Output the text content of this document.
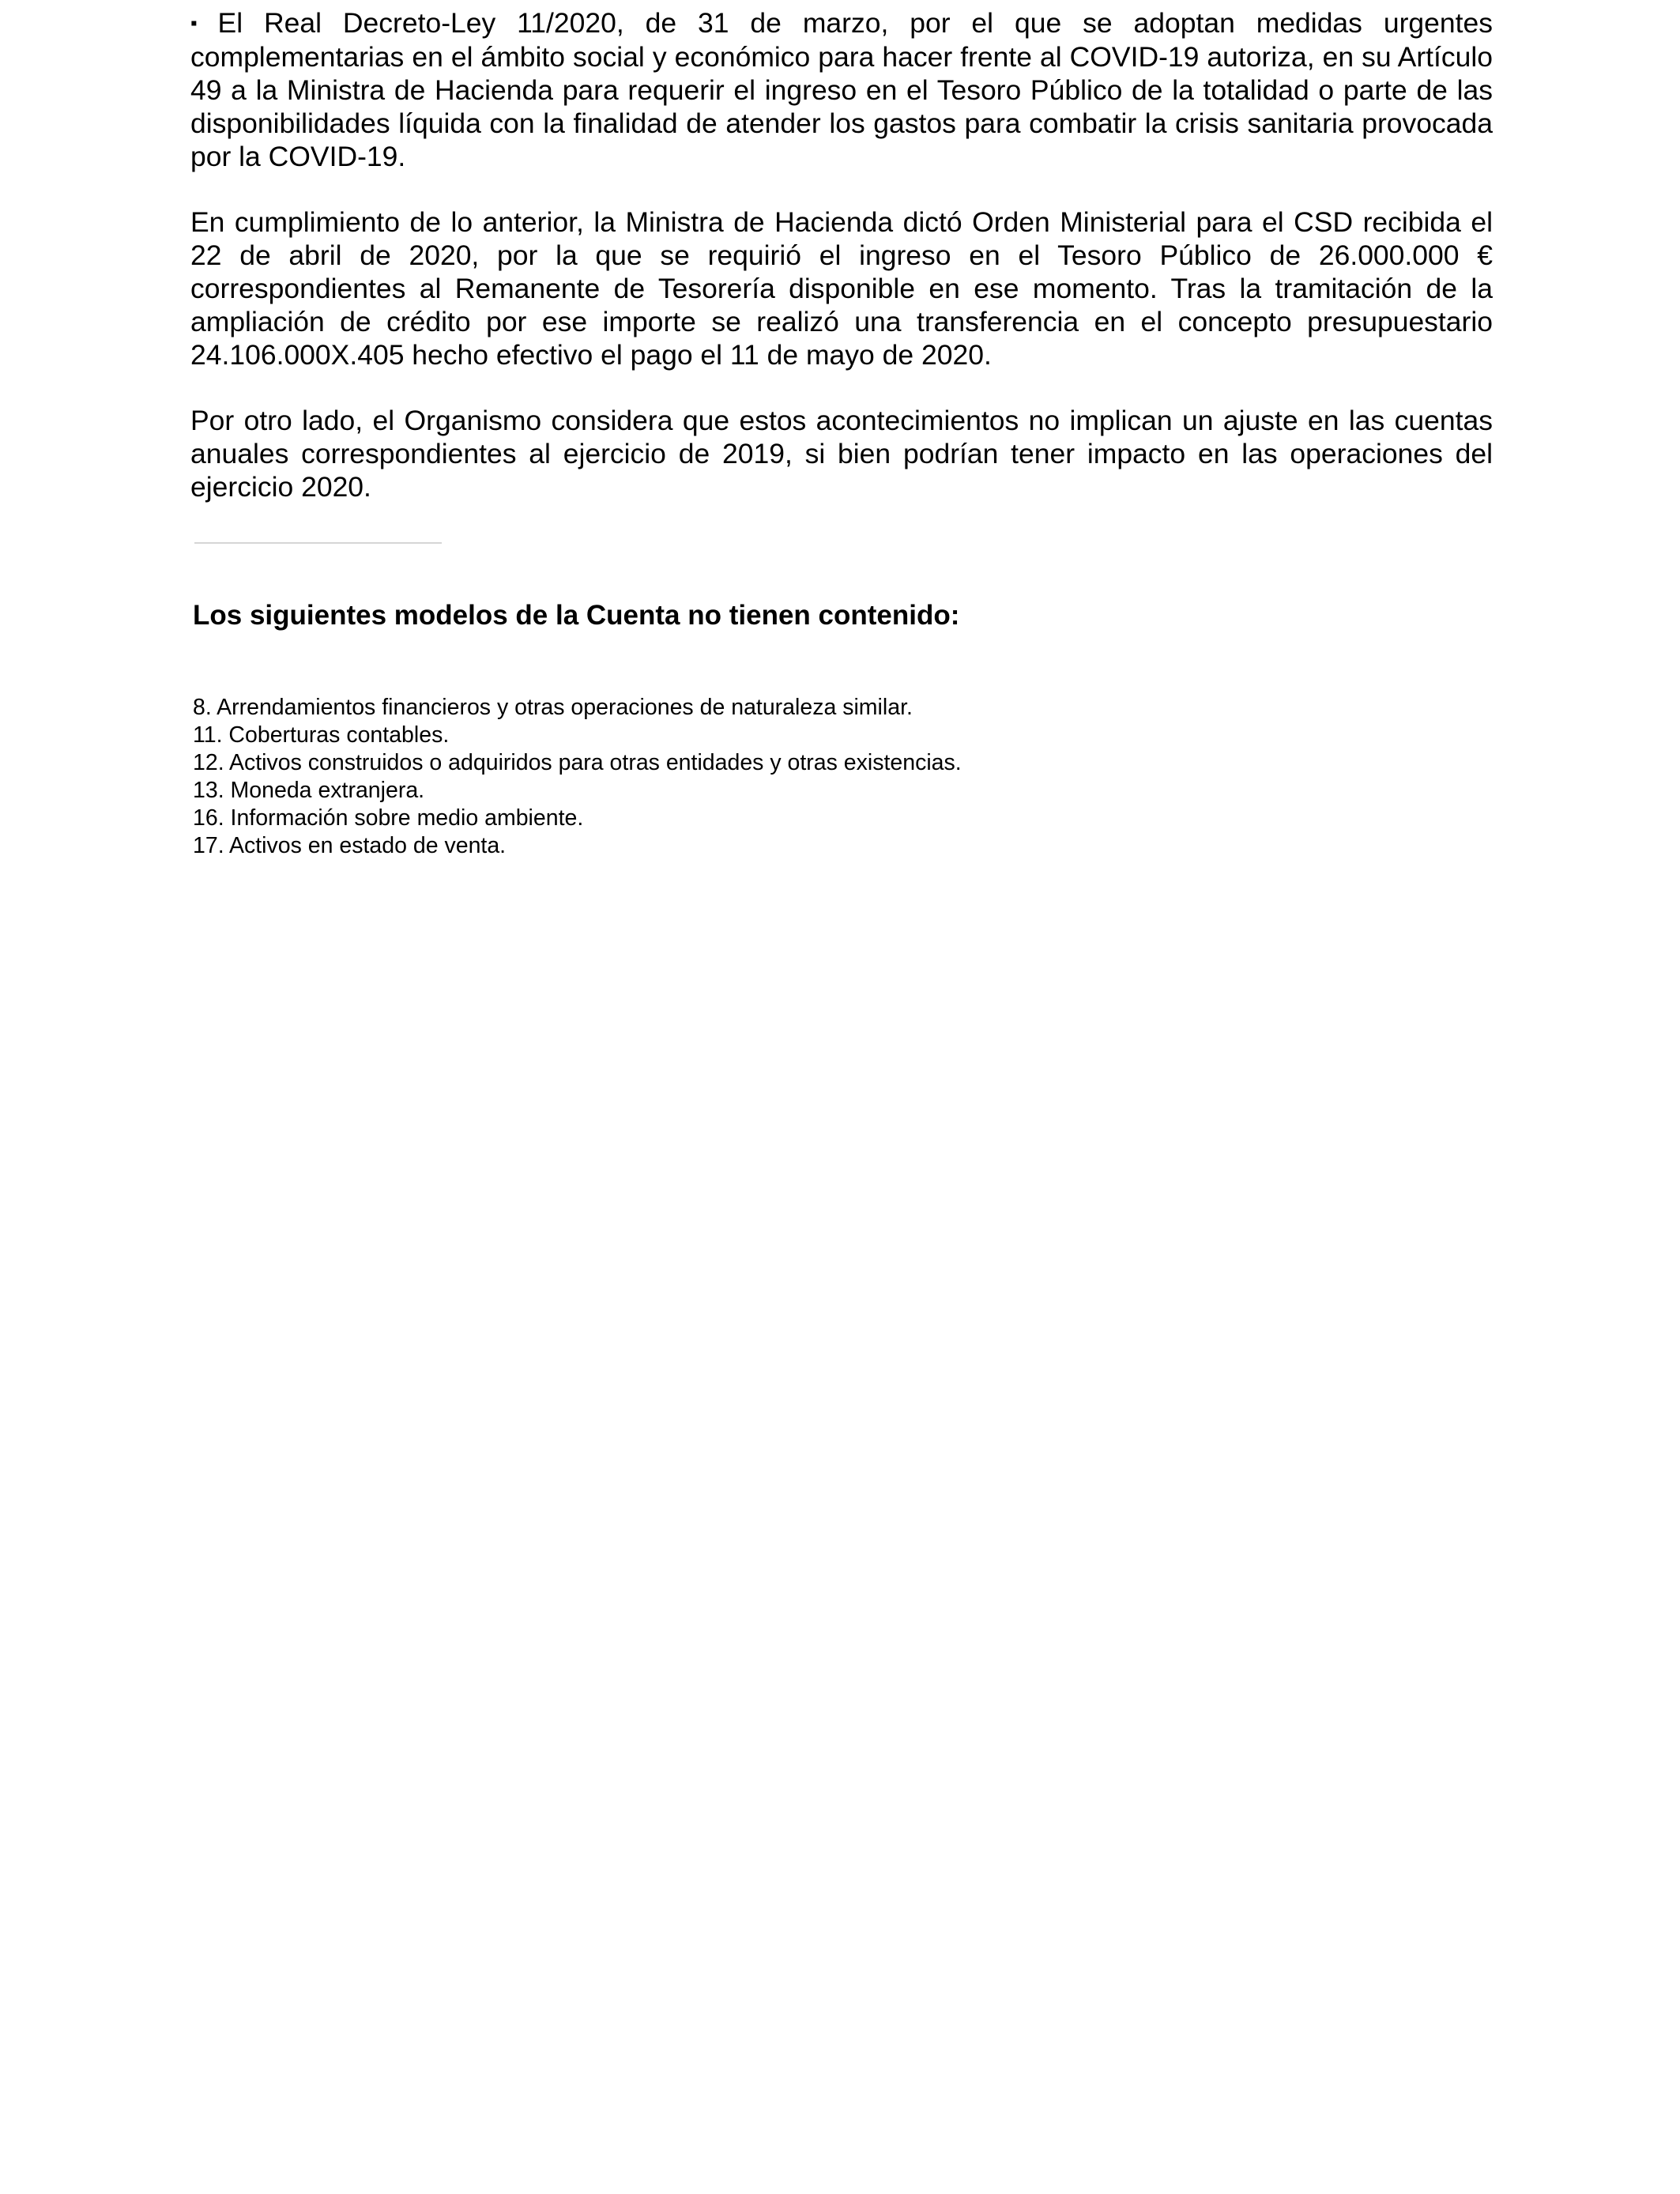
▪ El Real Decreto-Ley 11/2020, de 31 de marzo, por el que se adoptan medidas urgentes complementarias en el ámbito social y económico para hacer frente al COVID-19 autoriza, en su Artículo 49 a la Ministra de Hacienda para requerir el ingreso en el Tesoro Público de la totalidad o parte de las disponibilidades líquida con la finalidad de atender los gastos para combatir la crisis sanitaria provocada por la COVID-19.

En cumplimiento de lo anterior, la Ministra de Hacienda dictó Orden Ministerial para el CSD recibida el 22 de abril de 2020, por la que se requirió el ingreso en el Tesoro Público de 26.000.000 € correspondientes al Remanente de Tesorería disponible en ese momento. Tras la tramitación de la ampliación de crédito por ese importe se realizó una transferencia en el concepto presupuestario 24.106.000X.405 hecho efectivo el pago el 11 de mayo de 2020.

Por otro lado, el Organismo considera que estos acontecimientos no implican un ajuste en las cuentas anuales correspondientes al ejercicio de 2019, si bien podrían tener impacto en las operaciones del ejercicio 2020.

Los siguientes modelos de la Cuenta no tienen contenido:
8. Arrendamientos financieros y otras operaciones de naturaleza similar.
11. Coberturas contables.
12. Activos construidos o adquiridos para otras entidades y otras existencias.
13. Moneda extranjera.
16. Información sobre medio ambiente.
17. Activos en estado de venta.
